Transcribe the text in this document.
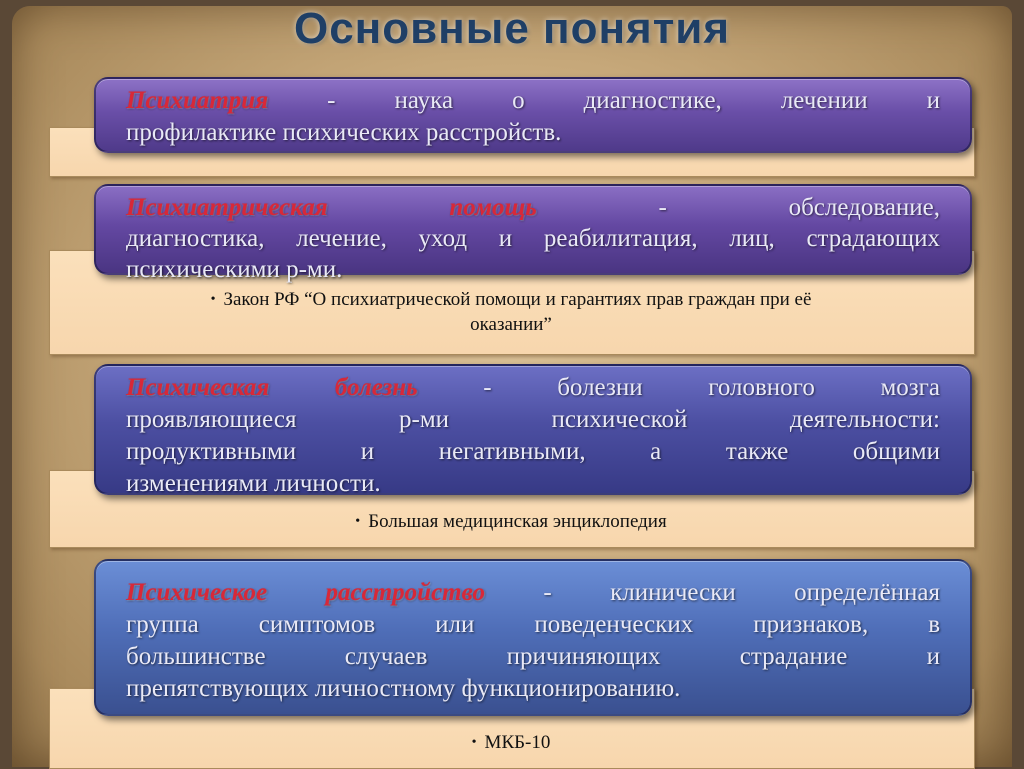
Основные понятия
Психиатрия - наука о диагностике, лечении и
профилактике психических расстройств.
Психиатрическая помощь	-	обследование,
диагностика, лечение, уход и реабилитация, лиц, страдающих
психическими р-ми.
• Закон РФ “О психиатрической помощи и гарантиях прав граждан при её
оказании”
Психическая болезнь	-	болезни головного мозга
проявляющиеся р-ми психической деятельности:
продуктивными и негативными, а также общими
изменениями личности.
• Большая медицинская энциклопедия
Психическое расстройство - клинически определённая
группа симптомов или поведенческих признаков, в
большинстве случаев причиняющих страдание и
препятствующих личностному функционированию.
• МКБ-10
